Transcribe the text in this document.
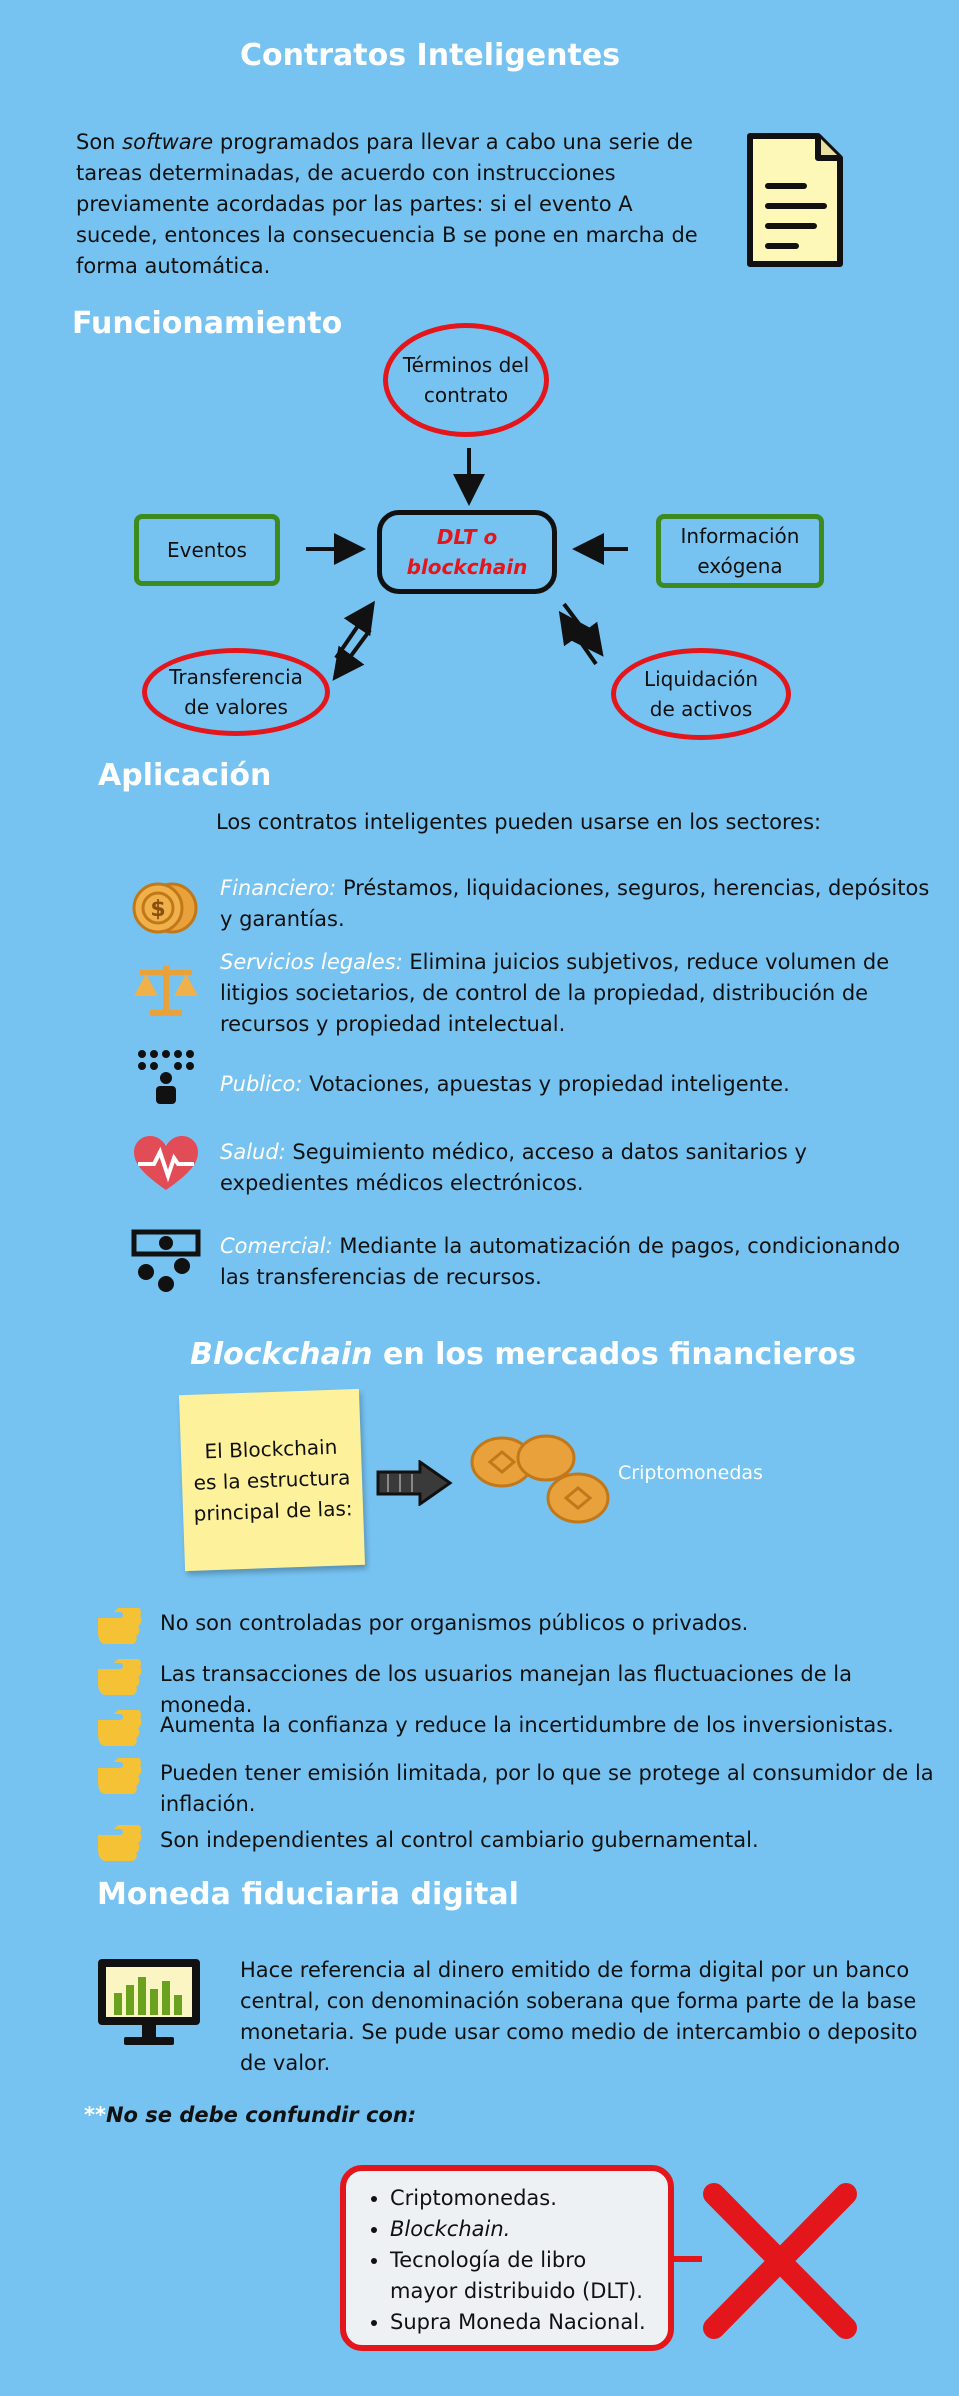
Contratos Inteligentes
Son software programados para llevar a cabo una serie de tareas determinadas, de acuerdo con instrucciones previamente acordadas por las partes: si el evento A sucede, entonces la consecuencia B se pone en marcha de forma automática.
Funcionamiento
Términos del contrato
DLT o blockchain
Eventos
Información exógena
Transferencia de valores
Liquidación de activos
Aplicación
Los contratos inteligentes pueden usarse en los sectores:
$
Financiero: Préstamos, liquidaciones, seguros, herencias, depósitos y garantías.
Servicios legales: Elimina juicios subjetivos, reduce volumen de litigios societarios, de control de la propiedad, distribución de recursos y propiedad intelectual.
Publico: Votaciones, apuestas y propiedad inteligente.
Salud: Seguimiento médico, acceso a datos sanitarios y expedientes médicos electrónicos.
Comercial: Mediante la automatización de pagos, condicionando las transferencias de recursos.
Blockchain en los mercados financieros
El Blockchain es la estructura principal de las:
Criptomonedas
No son controladas por organismos públicos o privados.
Las transacciones de los usuarios manejan las fluctuaciones de la moneda.
Aumenta la confianza y reduce la incertidumbre de los inversionistas.
Pueden tener emisión limitada, por lo que se protege al consumidor de la inflación.
Son independientes al control cambiario gubernamental.
Moneda fiduciaria digital
Hace referencia al dinero emitido de forma digital por un banco central, con denominación soberana que forma parte de la base monetaria. Se pude usar como medio de intercambio o deposito de valor.
**No se debe confundir con:
• Criptomonedas.
• Blockchain.
• Tecnología de libro mayor distribuido (DLT).
• Supra Moneda Nacional.
